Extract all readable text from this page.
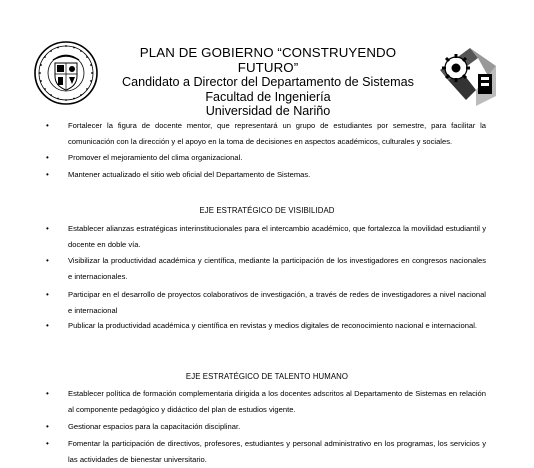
PLAN DE GOBIERNO “CONSTRUYENDO FUTURO”
Candidato a Director del Departamento de Sistemas
Facultad de Ingeniería
Universidad de Nariño
•	Fortalecer la figura de docente mentor, que representará un grupo de estudiantes por semestre, para facilitar la comunicación con la dirección y el apoyo en la toma de decisiones en aspectos académicos, culturales y sociales.
•	Promover el mejoramiento del clima organizacional.
•	Mantener actualizado el sitio web oficial del Departamento de Sistemas.
EJE ESTRATÉGICO DE VISIBILIDAD
•	Establecer alianzas estratégicas interinstitucionales para el intercambio académico, que fortalezca la movilidad estudiantil y docente en doble vía.
•	Visibilizar la productividad académica y científica, mediante la participación de los investigadores en congresos nacionales e internacionales.
•	Participar en el desarrollo de proyectos colaborativos de investigación, a través de redes de investigadores a nivel nacional e internacional
•	Publicar la productividad académica y científica en revistas y medios digitales de reconocimiento nacional e internacional.
EJE ESTRATÉGICO DE TALENTO HUMANO
•	Establecer política de formación complementaria dirigida a los docentes adscritos al Departamento de Sistemas en relación al componente pedagógico y didáctico del plan de estudios vigente.
•	Gestionar espacios para la capacitación disciplinar.
•	Fomentar la participación de directivos, profesores, estudiantes y personal administrativo en los programas, los servicios y las actividades de bienestar universitario.
